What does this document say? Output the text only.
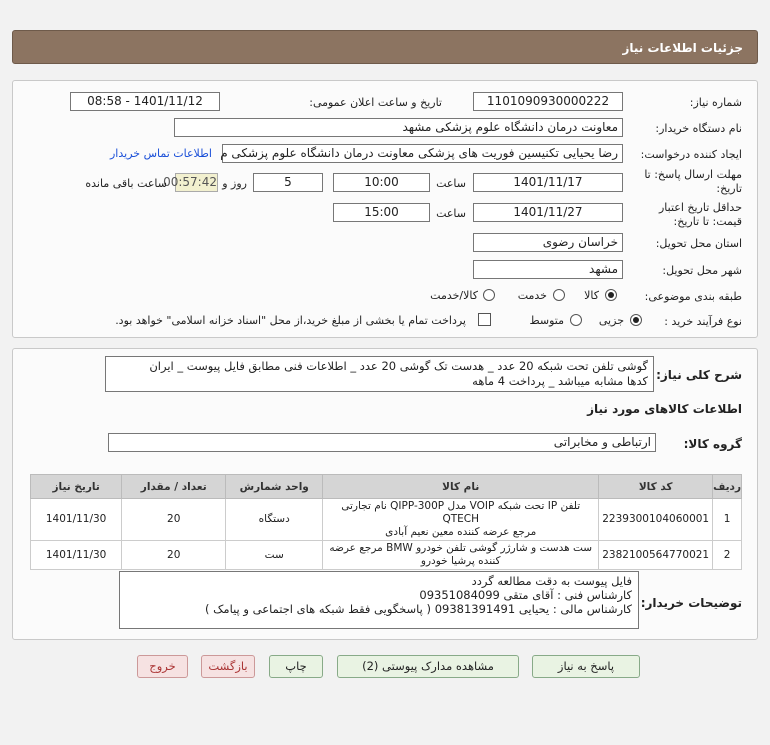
جزئیات اطلاعات نیاز
شماره نیاز:
1101090930000222
تاریخ و ساعت اعلان عمومی:
1401/11/12 - 08:58
نام دستگاه خریدار:
معاونت درمان دانشگاه علوم پزشکی مشهد
ایجاد کننده درخواست:
رضا یحیایی تکنیسین فوریت های پزشکی معاونت درمان دانشگاه علوم پزشکی م
اطلاعات تماس خریدار
مهلت ارسال پاسخ: تا
تاریخ:
1401/11/17
ساعت
10:00
5
روز و
00:57:42
ساعت باقی مانده
حداقل تاریخ اعتبار
قیمت: تا تاریخ:
1401/11/27
ساعت
15:00
استان محل تحویل:
خراسان رضوی
شهر محل تحویل:
مشهد
طبقه بندی موضوعی:
کالا
خدمت
کالا/خدمت
نوع فرآیند خرید :
جزیی
متوسط
پرداخت تمام یا بخشی از مبلغ خرید،از محل "اسناد خزانه اسلامی" خواهد بود.
شرح کلی نیاز:
گوشی تلفن تحت شبکه 20 عدد _ هدست تک گوشی 20 عدد _ اطلاعات فنی مطابق فایل پیوست _ ایران
کدها مشابه میباشد _ پرداخت 4 ماهه
اطلاعات کالاهای مورد نیاز
گروه کالا:
ارتباطی و مخابراتی
ردیف	کد کالا	نام کالا	واحد شمارش	تعداد / مقدار	تاریخ نیاز
1	2239300104060001	تلفن IP تحت شبکه VOIP مدل QIPP-300P نام تجارتی QTECH
مرجع عرضه کننده معین نعیم آبادی	دستگاه	20	1401/11/30
2	2382100564770021	ست هدست و شارژر گوشی تلفن خودرو BMW مرجع عرضه
کننده پرشیا خودرو	ست	20	1401/11/30
توضیحات خریدار:
فایل پیوست به دقت مطالعه گردد
کارشناس فنی : آقای متقی 09351084099
کارشناس مالی : یحیایی 09381391491 ( پاسخگویی فقط شبکه های اجتماعی و پیامک )
پاسخ به نیاز
مشاهده مدارک پیوستی (2)
چاپ
بازگشت
خروج
